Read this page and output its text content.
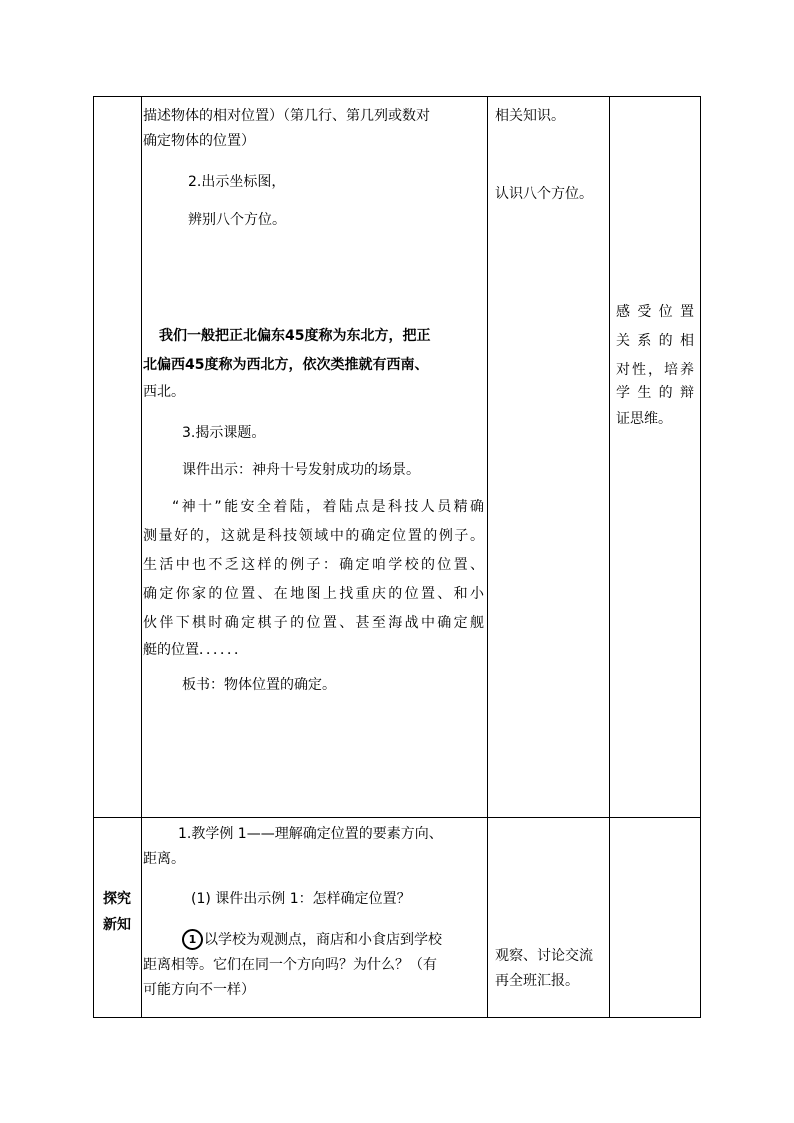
描述物体的相对位置）（第几行、第几列或数对
确定物体的位置）
2.出示坐标图，
辨别八个方位。
我们一般把正北偏东45度称为东北方，把正
北偏西45度称为西北方，依次类推就有西南、
西北。
3.揭示课题。
课件出示：神舟十号发射成功的场景。
“神十”能安全着陆，着陆点是科技人员精确
测量好的，这就是科技领域中的确定位置的例子。
生活中也不乏这样的例子：确定咱学校的位置、
确定你家的位置、在地图上找重庆的位置、和小
伙伴下棋时确定棋子的位置、甚至海战中确定舰
艇的位置．．．．．．
板书：物体位置的确定。
相关知识。
认识八个方位。
感受位置
关系的相
对性，培养
学生的辩
证思维。
探究
新知
1.教学例 1——理解确定位置的要素方向、
距离。
(1) 课件出示例 1：怎样确定位置？
1 以学校为观测点，商店和小食店到学校
距离相等。它们在同一个方向吗？为什么？（有
可能方向不一样）
观察、讨论交流
再全班汇报。
